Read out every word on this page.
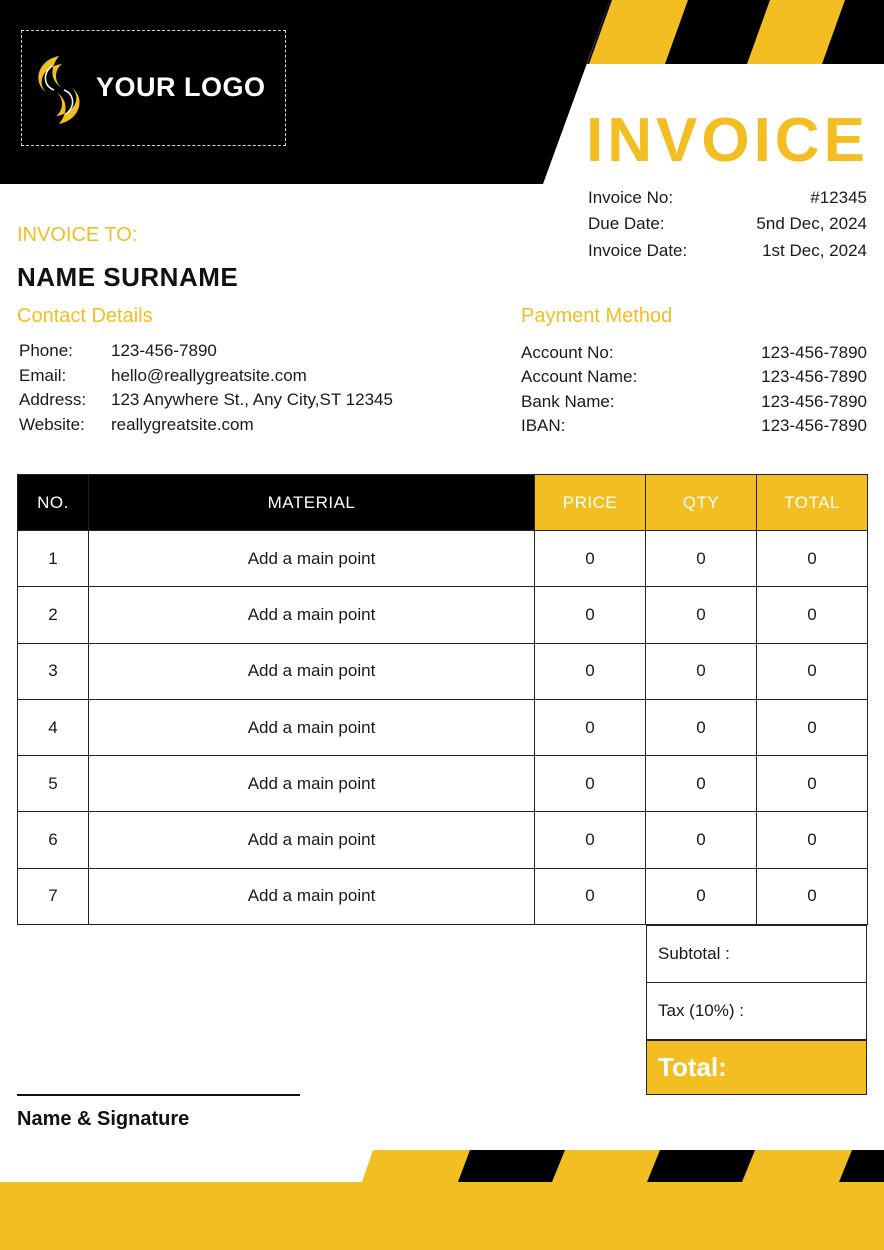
YOUR LOGO
INVOICE
Invoice No:	#12345
Due Date:	5nd Dec, 2024
Invoice Date:	1st Dec, 2024
INVOICE TO:
NAME SURNAME
Contact Details
Phone: 123-456-7890
Email:	hello@reallygreatsite.com
Address: 123 Anywhere St., Any City,ST 12345
Website: reallygreatsite.com
Payment Method
Account No:	123-456-7890
Account Name:	123-456-7890
Bank Name:	123-456-7890
IBAN:	123-456-7890
NO.	MATERIAL	PRICE	QTY	TOTAL
1	Add a main point	0	0	0
2	Add a main point	0	0	0
3	Add a main point	0	0	0
4	Add a main point	0	0	0
5	Add a main point	0	0	0
6	Add a main point	0	0	0
7	Add a main point	0	0	0
Subtotal :
Tax (10%) :
Total:
Name & Signature
